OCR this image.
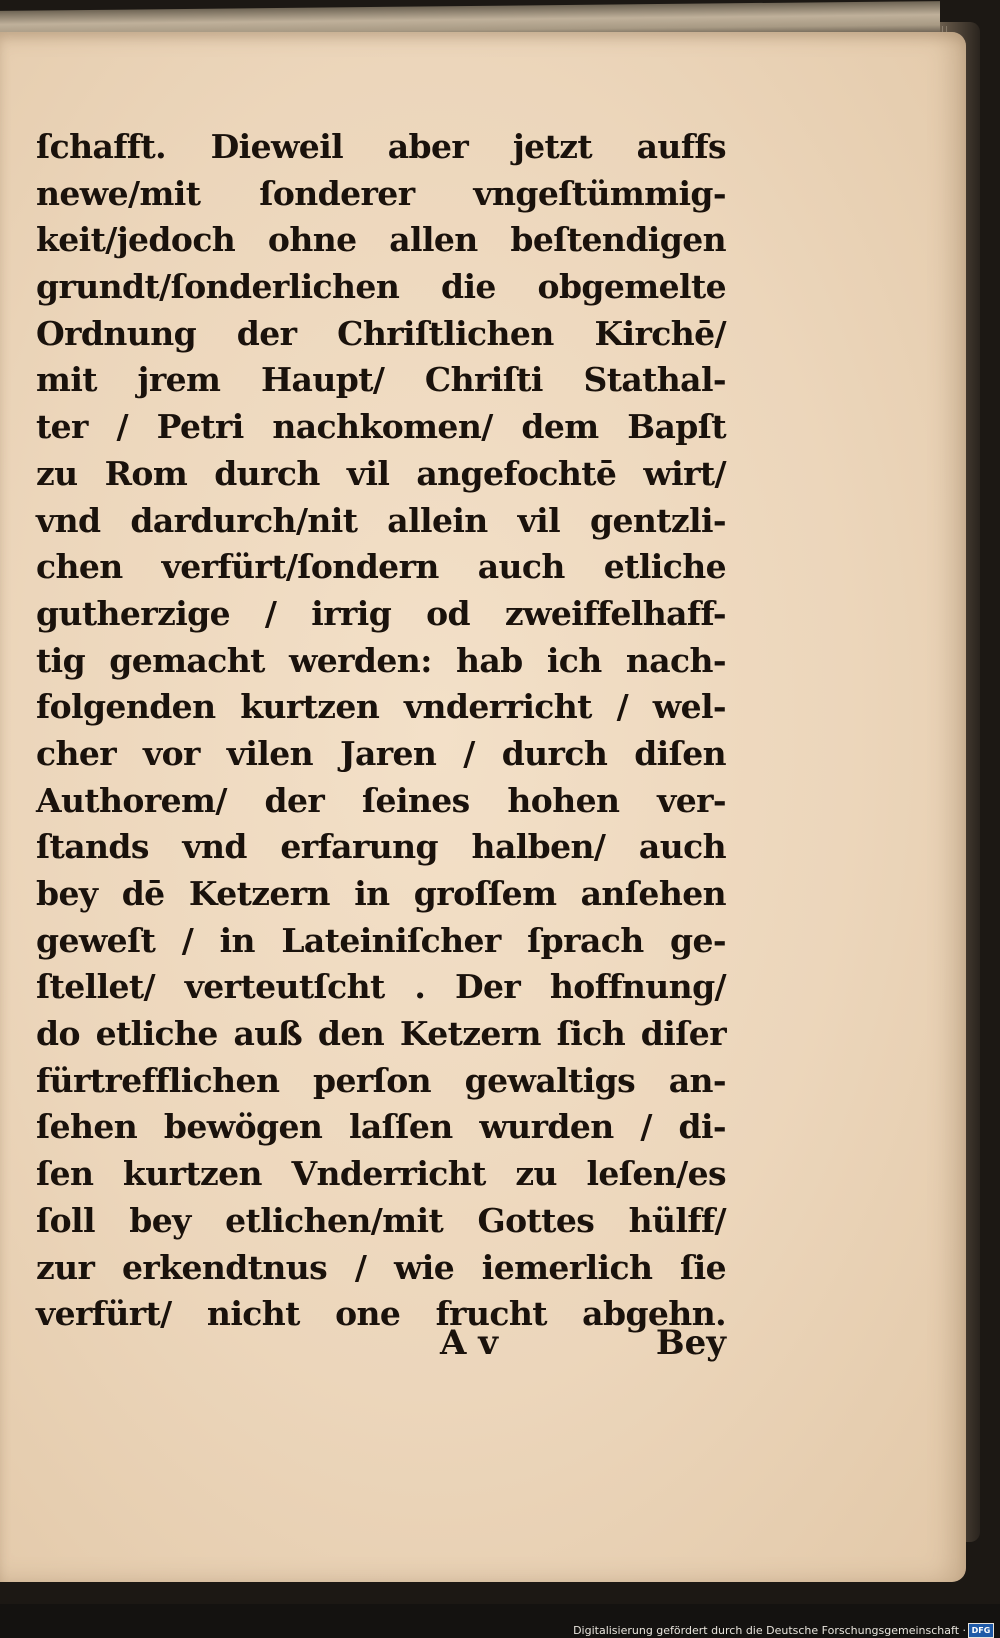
ſchafft. Dieweil aber jetzt auffs
newe/mit ſonderer vngeſtümmig-
keit/jedoch ohne allen beſtendigen
grundt/ſonderlichen die obgemelte
Ordnung der Chriſtlichen Kirchē/
mit jrem Haupt/ Chriſti Stathal-
ter / Petri nachkomen/ dem Bapſt
zu Rom durch vil angefochtē wirt/
vnd dardurch/nit allein vil gentzli-
chen verfürt/ſondern auch etliche
gutherzige / irrig od zweiffelhaff-
tig gemacht werden: hab ich nach-
folgenden kurtzen vnderricht / wel-
cher vor vilen Jaren / durch diſen
Authorem/ der ſeines hohen ver-
ſtands vnd erfarung halben/ auch
bey dē Ketzern in groſſem anſehen
geweſt / in Lateiniſcher ſprach ge-
ſtellet/ verteutſcht . Der hoffnung/
do etliche auß den Ketzern ſich diſer
fürtrefflichen perſon gewaltigs an-
ſehen bewögen laſſen wurden / di-
ſen kurtzen Vnderricht zu leſen/es
ſoll bey etlichen/mit Gottes hülff/
zur erkendtnus / wie iemerlich ſie
verfürt/ nicht one frucht abgehn.
A v	Bey
Digitalisierung gefördert durch die Deutsche Forschungsgemeinschaft · DFG
